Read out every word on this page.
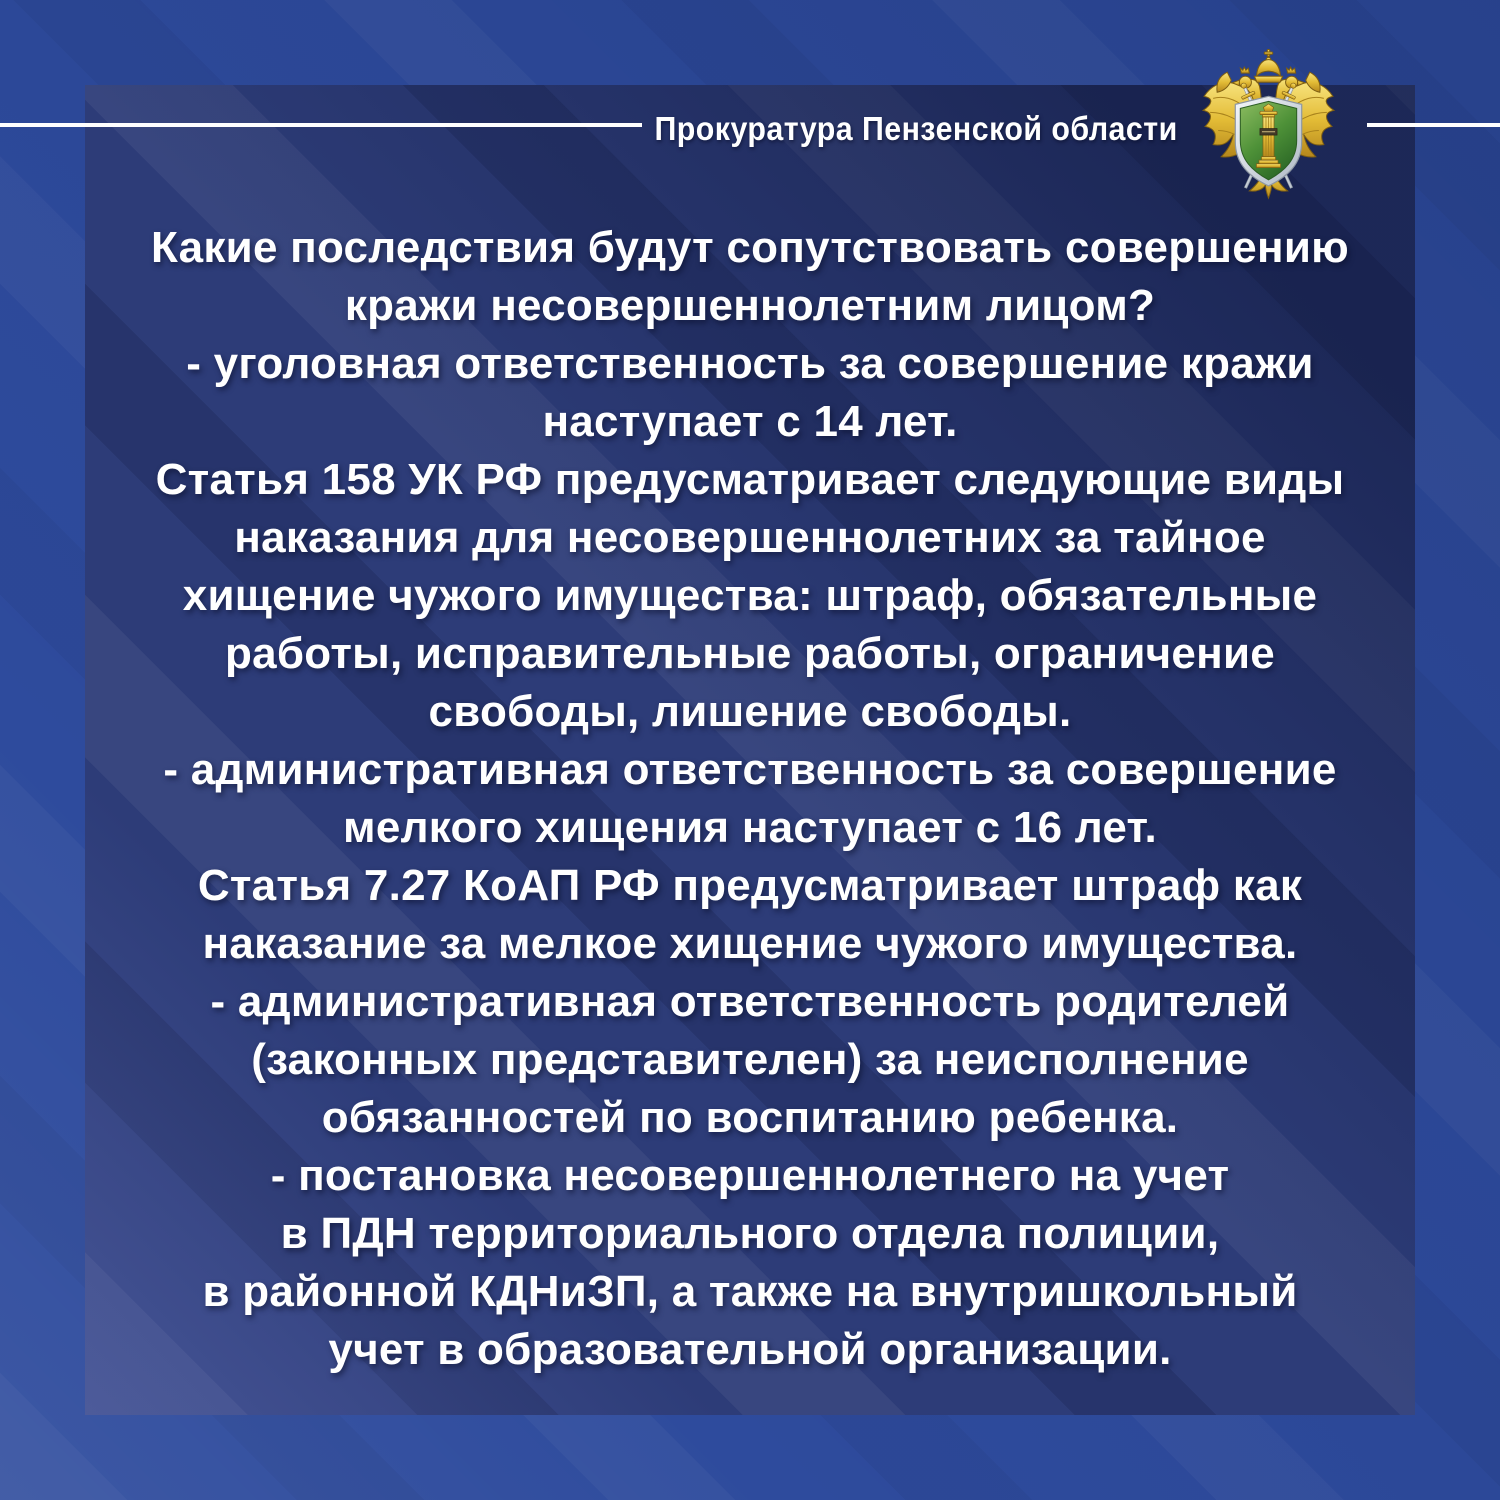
Прокуратура Пензенской области
Какие последствия будут сопутствовать совершению
кражи несовершеннолетним лицом?
- уголовная ответственность за совершение кражи
наступает с 14 лет.
Статья 158 УК РФ предусматривает следующие виды
наказания для несовершеннолетних за тайное
хищение чужого имущества: штраф, обязательные
работы, исправительные работы, ограничение
свободы, лишение свободы.
- административная ответственность за совершение
мелкого хищения наступает с 16 лет.
Статья 7.27 КоАП РФ предусматривает штраф как
наказание за мелкое хищение чужого имущества.
- административная ответственность родителей
(законных представителен) за неисполнение
обязанностей по воспитанию ребенка.
- постановка несовершеннолетнего на учет
в ПДН территориального отдела полиции,
в районной КДНиЗП, а также на внутришкольный
учет в образовательной организации.
